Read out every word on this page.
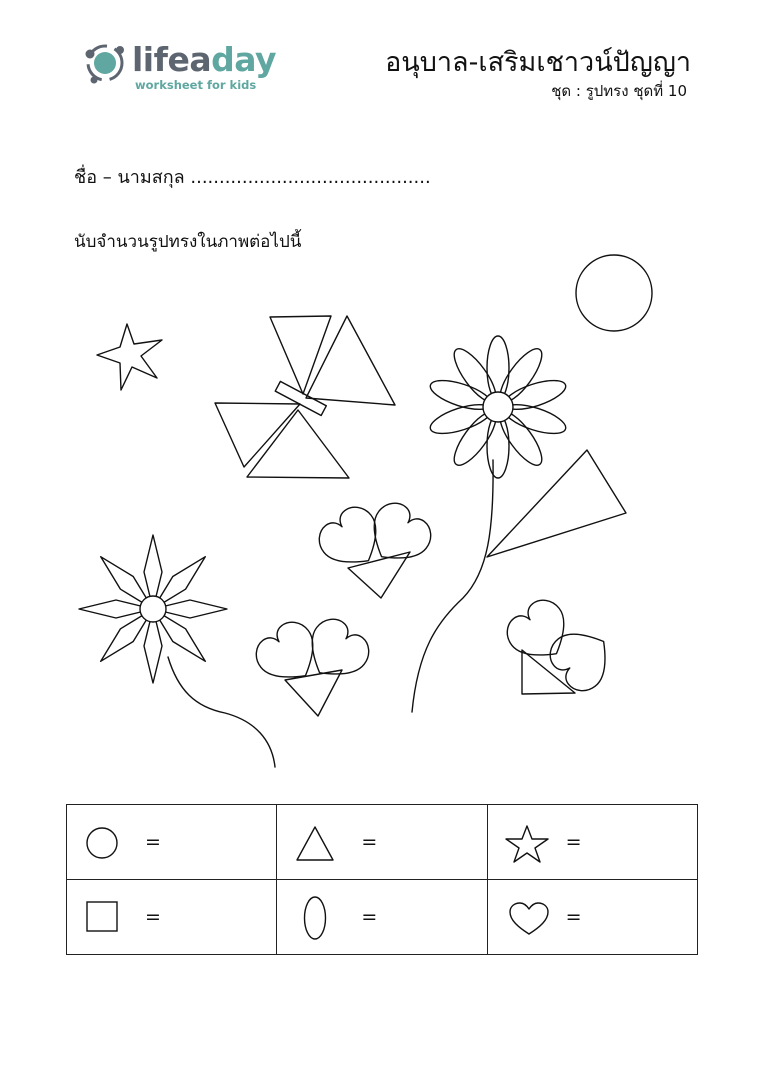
lifeaday
worksheet for kids
อนุบาล-เสริมเชาวน์ปัญญา
ชุด : รูปทรง ชุดที่ 10
ชื่อ – นามสกุล ..........................................
นับจำนวนรูปทรงในภาพต่อไปนี้
=	=	=

=	=	=
